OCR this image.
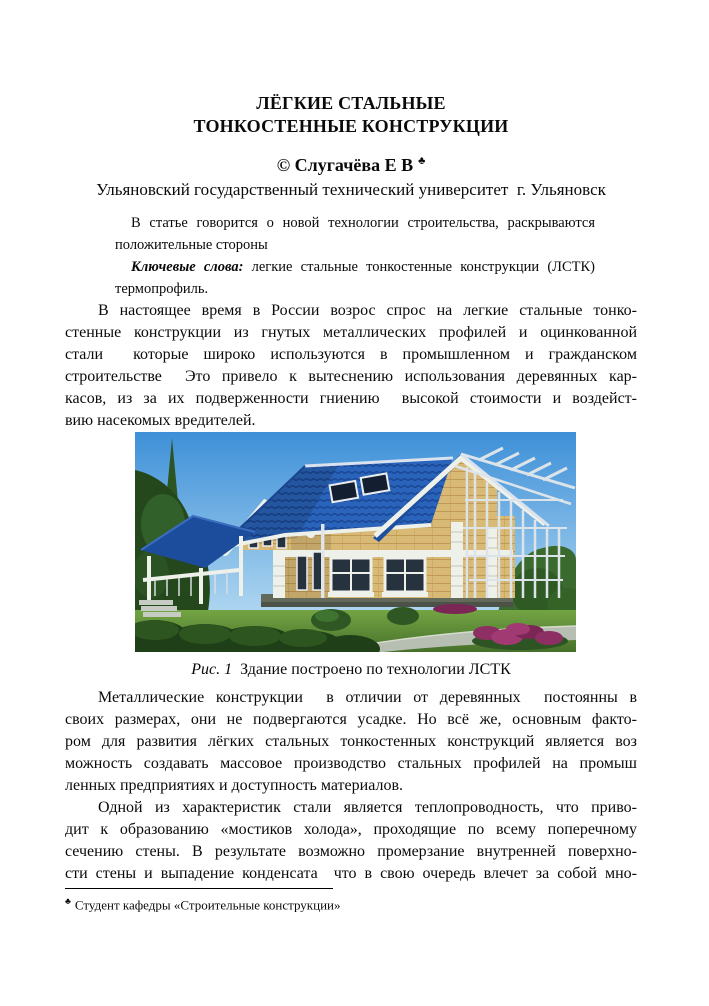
ЛЁГКИЕ СТАЛЬНЫЕ
ТОНКОСТЕННЫЕ КОНСТРУКЦИИ
© Слугачёва Е В ♣
Ульяновский государственный технический университет  г. Ульяновск
В статье говорится о новой технологии строительства, раскрываются
положительные стороны
Ключевые слова: легкие стальные тонкостенные конструкции (ЛСТК)
термопрофиль.
В настоящее время в России возрос спрос на легкие стальные тонко-
стенные конструкции из гнутых металлических профилей и оцинкованной
стали  которые широко используются в промышленном и гражданском
строительстве  Это привело к вытеснению использования деревянных кар-
касов, из за их подверженности гниению  высокой стоимости и воздейст-
вию насекомых вредителей.
Рис. 1  Здание построено по технологии ЛСТК
Металлические конструкции  в отличии от деревянных  постоянны в
своих размерах, они не подвергаются усадке. Но всё же, основным факто-
ром для развития лёгких стальных тонкостенных конструкций является воз
можность создавать массовое производство стальных профилей на промыш
ленных предприятиях и доступность материалов.
Одной из характеристик стали является теплопроводность, что приво-
дит к образованию «мостиков холода», проходящие по всему поперечному
сечению стены. В результате возможно промерзание внутренней поверхно-
сти стены и выпадение конденсата  что в свою очередь влечет за собой мно-
♣ Студент кафедры «Строительные конструкции»
